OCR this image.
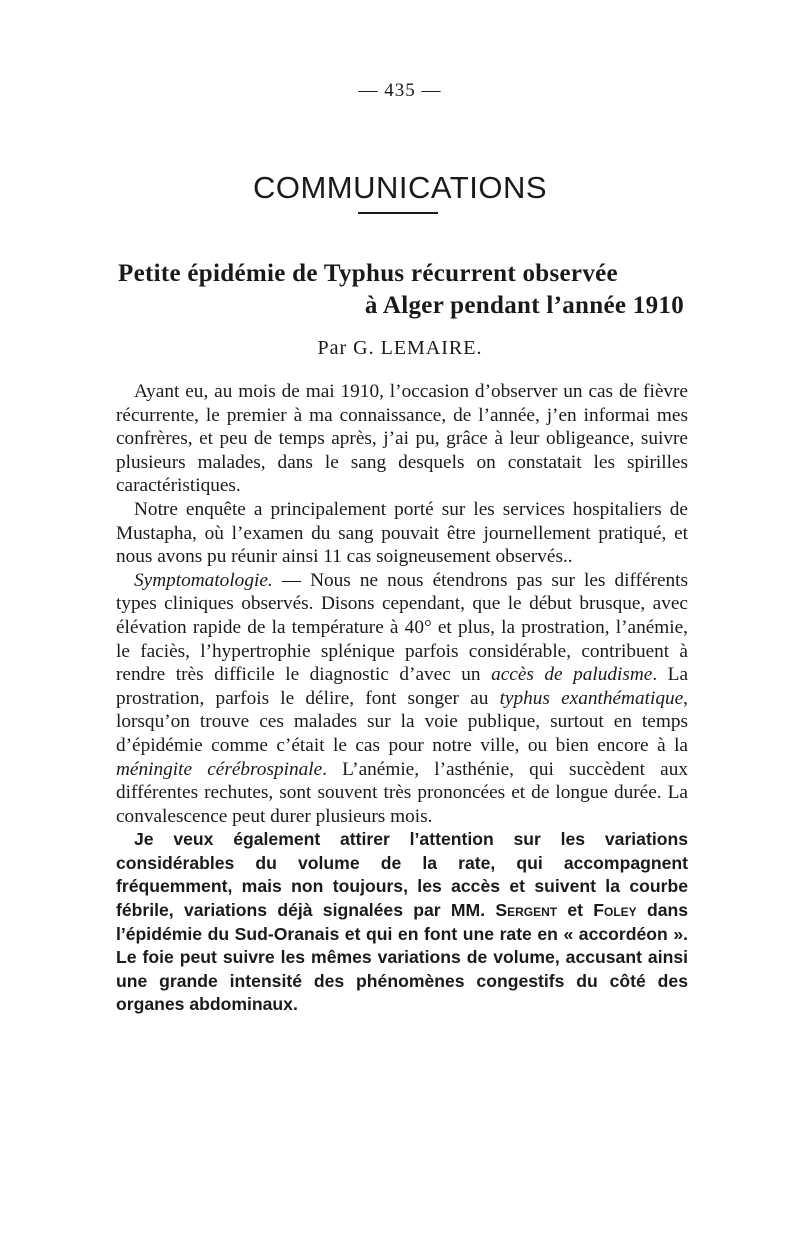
— 435 —
COMMUNICATIONS
Petite épidémie de Typhus récurrent observée
à Alger pendant l’année 1910
Par G. LEMAIRE.

Ayant eu, au mois de mai 1910, l’occasion d’observer un cas de fièvre récurrente, le premier à ma connaissance, de l’année, j’en informai mes confrères, et peu de temps après, j’ai pu, grâce à leur obligeance, suivre plusieurs malades, dans le sang desquels on constatait les spirilles caractéristiques.

Notre enquête a principalement porté sur les services hospitaliers de Mustapha, où l’examen du sang pouvait être journellement pratiqué, et nous avons pu réunir ainsi 11 cas soigneusement observés..

Symptomatologie. — Nous ne nous étendrons pas sur les différents types cliniques observés. Disons cependant, que le début brusque, avec élévation rapide de la température à 40° et plus, la prostration, l’anémie, le faciès, l’hypertrophie splénique parfois considérable, contribuent à rendre très difficile le diagnostic d’avec un accès de paludisme. La prostration, parfois le délire, font songer au typhus exanthématique, lorsqu’on trouve ces malades sur la voie publique, surtout en temps d’épidémie comme c’était le cas pour notre ville, ou bien encore à la méningite cérébrospinale. L’anémie, l’asthénie, qui succèdent aux différentes rechutes, sont souvent très prononcées et de longue durée. La convalescence peut durer plusieurs mois.

Je veux également attirer l’attention sur les variations considérables du volume de la rate, qui accompagnent fréquemment, mais non toujours, les accès et suivent la courbe fébrile, variations déjà signalées par MM. Sergent et Foley dans l’épidémie du Sud-Oranais et qui en font une rate en « accordéon ». Le foie peut suivre les mêmes variations de volume, accusant ainsi une grande intensité des phénomènes congestifs du côté des organes abdominaux.
